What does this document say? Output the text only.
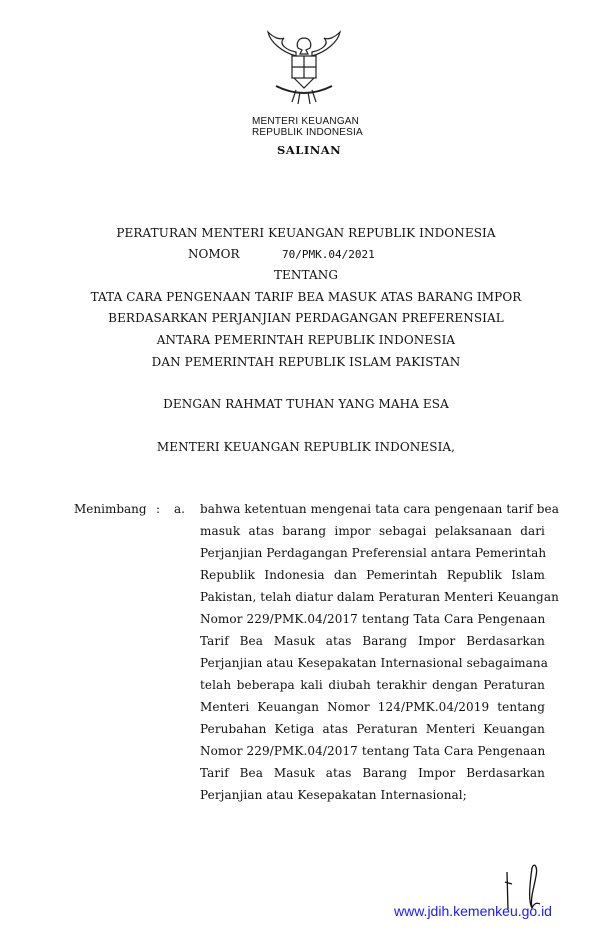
MENTERI KEUANGAN
REPUBLIK INDONESIA
SALINAN
PERATURAN MENTERI KEUANGAN REPUBLIK INDONESIA
NOMOR	70/PMK.04/2021
TENTANG
TATA CARA PENGENAAN TARIF BEA MASUK ATAS BARANG IMPOR
BERDASARKAN PERJANJIAN PERDAGANGAN PREFERENSIAL
ANTARA PEMERINTAH REPUBLIK INDONESIA
DAN PEMERINTAH REPUBLIK ISLAM PAKISTAN
DENGAN RAHMAT TUHAN YANG MAHA ESA
MENTERI KEUANGAN REPUBLIK INDONESIA,
Menimbang : a. bahwa ketentuan mengenai tata cara pengenaan tarif bea
masuk atas barang impor sebagai pelaksanaan dari
Perjanjian Perdagangan Preferensial antara Pemerintah
Republik Indonesia dan Pemerintah Republik Islam
Pakistan, telah diatur dalam Peraturan Menteri Keuangan
Nomor 229/PMK.04/2017 tentang Tata Cara Pengenaan
Tarif Bea Masuk atas Barang Impor Berdasarkan
Perjanjian atau Kesepakatan Internasional sebagaimana
telah beberapa kali diubah terakhir dengan Peraturan
Menteri Keuangan Nomor 124/PMK.04/2019 tentang
Perubahan Ketiga atas Peraturan Menteri Keuangan
Nomor 229/PMK.04/2017 tentang Tata Cara Pengenaan
Tarif Bea Masuk atas Barang Impor Berdasarkan
Perjanjian atau Kesepakatan Internasional;
www.jdih.kemenkeu.go.id
